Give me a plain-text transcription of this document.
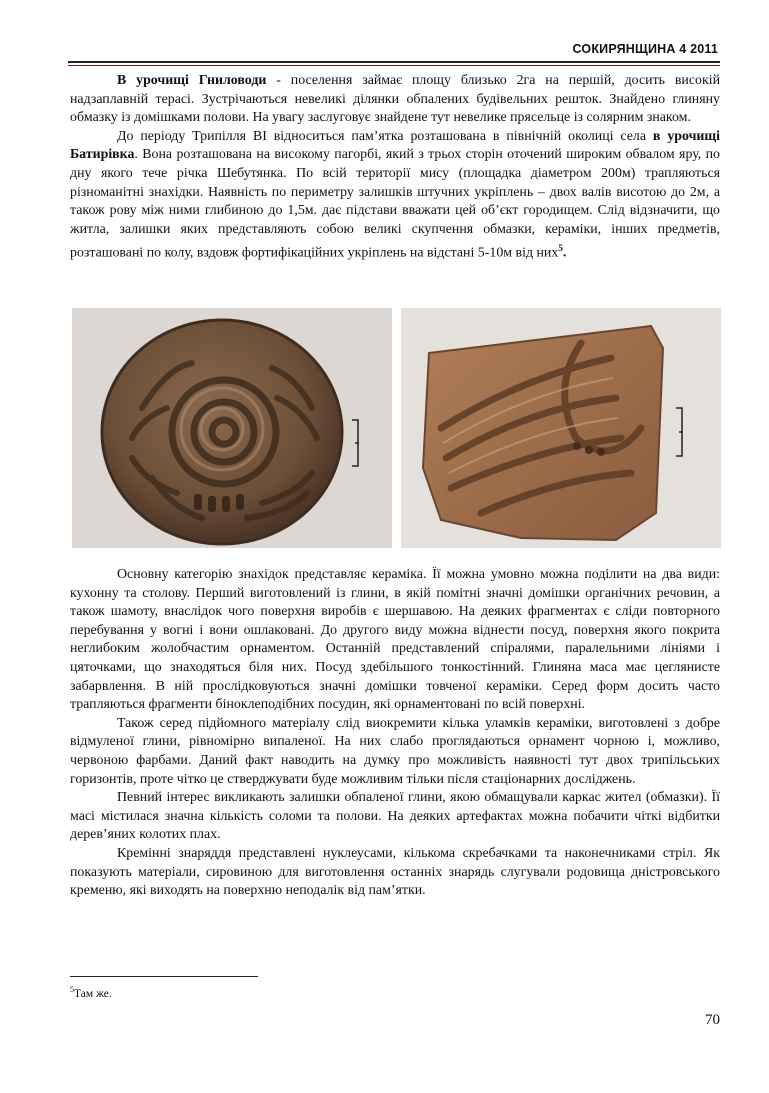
СОКИРЯНЩИНА 4 2011

В урочищі Гниловоди - поселення займає площу близько 2га на першій, досить високій надзаплавній терасі. Зустрічаються невеликі ділянки обпалених будівельних решток. Знайдено глиняну обмазку із домішками полови. На увагу заслуговує знайдене тут невелике прясельце із солярним знаком.

До періоду Трипілля ВІ відноситься пам’ятка розташована в північній околиці села в урочищі Батирівка. Вона розташована на високому пагорбі, який з трьох сторін оточений широким обвалом яру, по дну якого тече річка Шебутянка. По всій території мису (площадка діаметром 200м) трапляються різноманітні знахідки. Наявність по периметру залишків штучних укріплень – двох валів висотою до 2м, а також рову між ними глибиною до 1,5м. дає підстави вважати цей об’єкт городищем. Слід відзначити, що житла, залишки яких представляють собою великі скупчення обмазки, кераміки, інших предметів, розташовані по колу, вздовж фортифікаційних укріплень на відстані 5-10м від них$^5$.

Основну категорію знахідок представляє кераміка. Її можна умовно можна поділити на два види: кухонну та столову. Перший виготовлений із глини, в якій помітні значні домішки органічних речовин, а також шамоту, внаслідок чого поверхня виробів є шершавою. На деяких фрагментах є сліди повторного перебування у вогні і вони ошлаковані. До другого виду можна віднести посуд, поверхня якого покрита неглибоким жолобчастим орнаментом. Останній представлений спіралями, паралельними лініями і цяточками, що знаходяться біля них. Посуд здебільшого тонкостінний. Глиняна маса має цеглянисте забарвлення. В ній прослідковуються значні домішки товченої кераміки. Серед форм досить часто трапляються фрагменти біноклеподібних посудин, які орнаментовані по всій поверхні.

Також серед підйомного матеріалу слід виокремити кілька уламків кераміки, виготовлені з добре відмуленої глини, рівномірно випаленої. На них слабо проглядаються орнамент чорною і, можливо, червоною фарбами. Даний факт наводить на думку про можливість наявності тут двох трипільських горизонтів, проте чітко це стверджувати буде можливим тільки після стаціонарних досліджень.

Певний інтерес викликають залишки обпаленої глини, якою обмащували каркас жител (обмазки). Її масі містилася значна кількість соломи та полови. На деяких артефактах можна побачити чіткі відбитки дерев’яних колотих плах.

Кремінні знаряддя представлені нуклеусами, кількома скребачками та наконечниками стріл. Як показують матеріали, сировиною для виготовлення останніх знарядь слугували родовища дністровського кременю, які виходять на поверхню неподалік від пам’ятки.

$^5$Там же.
70
